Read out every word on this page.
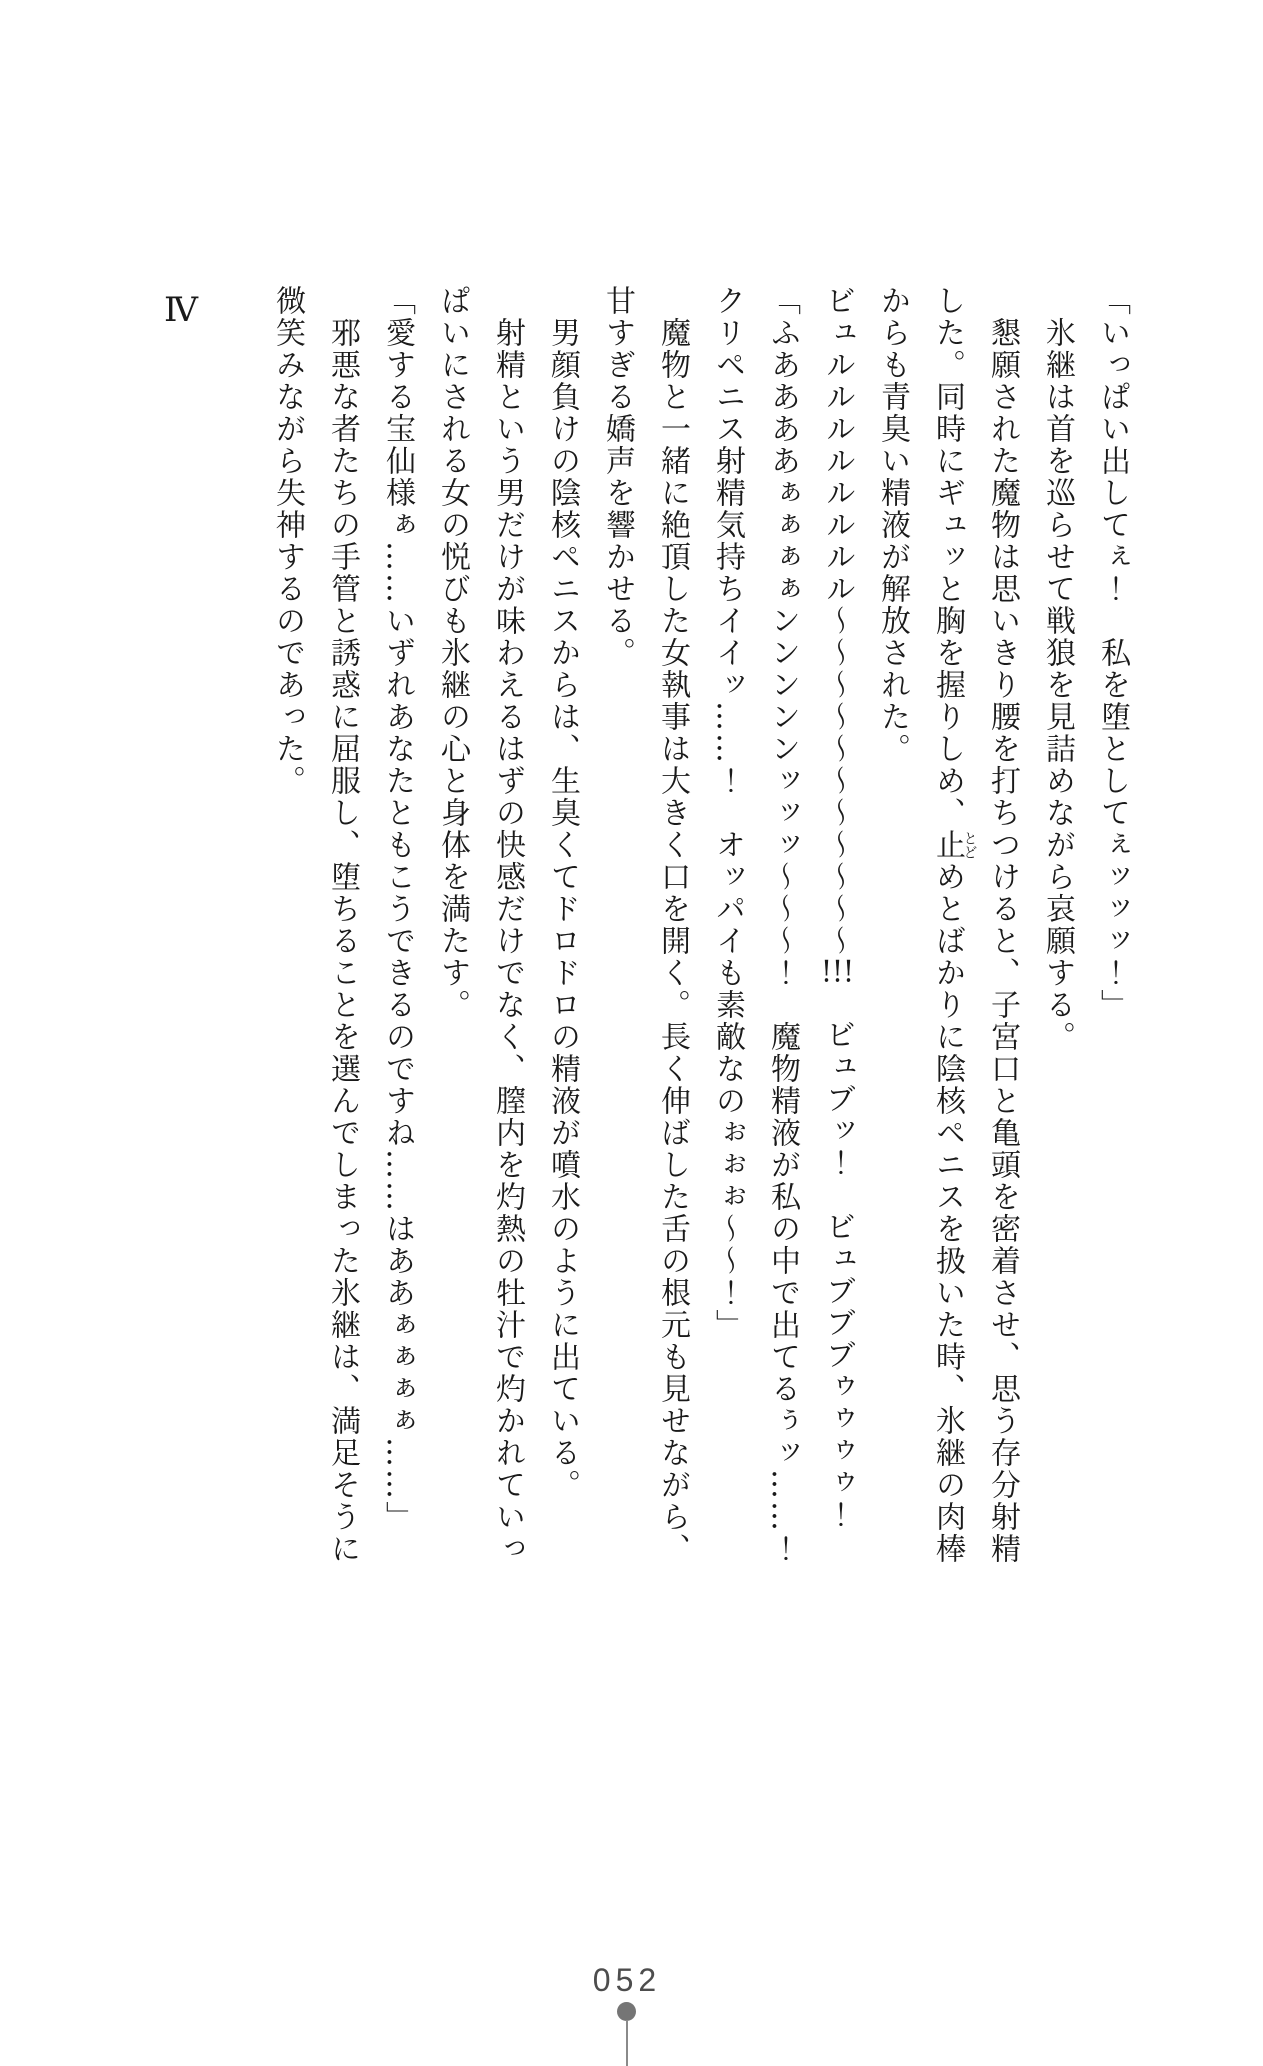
「いっぱい出してぇ！　私を堕としてぇッッッ！」

　氷継は首を巡らせて戦狼を見詰めながら哀願する。

　懇願された魔物は思いきり腰を打ちつけると、子宮口と亀頭を密着させ、思う存分射精した。同時にギュッと胸を握りしめ、止とどめとばかりに陰核ペニスを扱いた時、氷継の肉棒からも青臭い精液が解放された。

ビュルルルルルルルル～～～～～～～～～～～!!!　ビュブッ！　ビュブブブゥゥゥゥ！

「ふああああぁぁぁぁンンンンンッッッ～～～！　魔物精液が私の中で出てるぅッ……！クリペニス射精気持ちイイッ……！　オッパイも素敵なのぉぉぉ～～！」

　魔物と一緒に絶頂した女執事は大きく口を開く。長く伸ばした舌の根元も見せながら、甘すぎる嬌声を響かせる。

　男顔負けの陰核ペニスからは、生臭くてドロドロの精液が噴水のように出ている。

　射精という男だけが味わえるはずの快感だけでなく、膣内を灼熱の牡汁で灼かれていっぱいにされる女の悦びも氷継の心と身体を満たす。

「愛する宝仙様ぁ……いずれあなたともこうできるのですね……はああぁぁぁぁ……」

　邪悪な者たちの手管と誘惑に屈服し、堕ちることを選んでしまった氷継は、満足そうに微笑みながら失神するのであった。

Ⅳ
052
